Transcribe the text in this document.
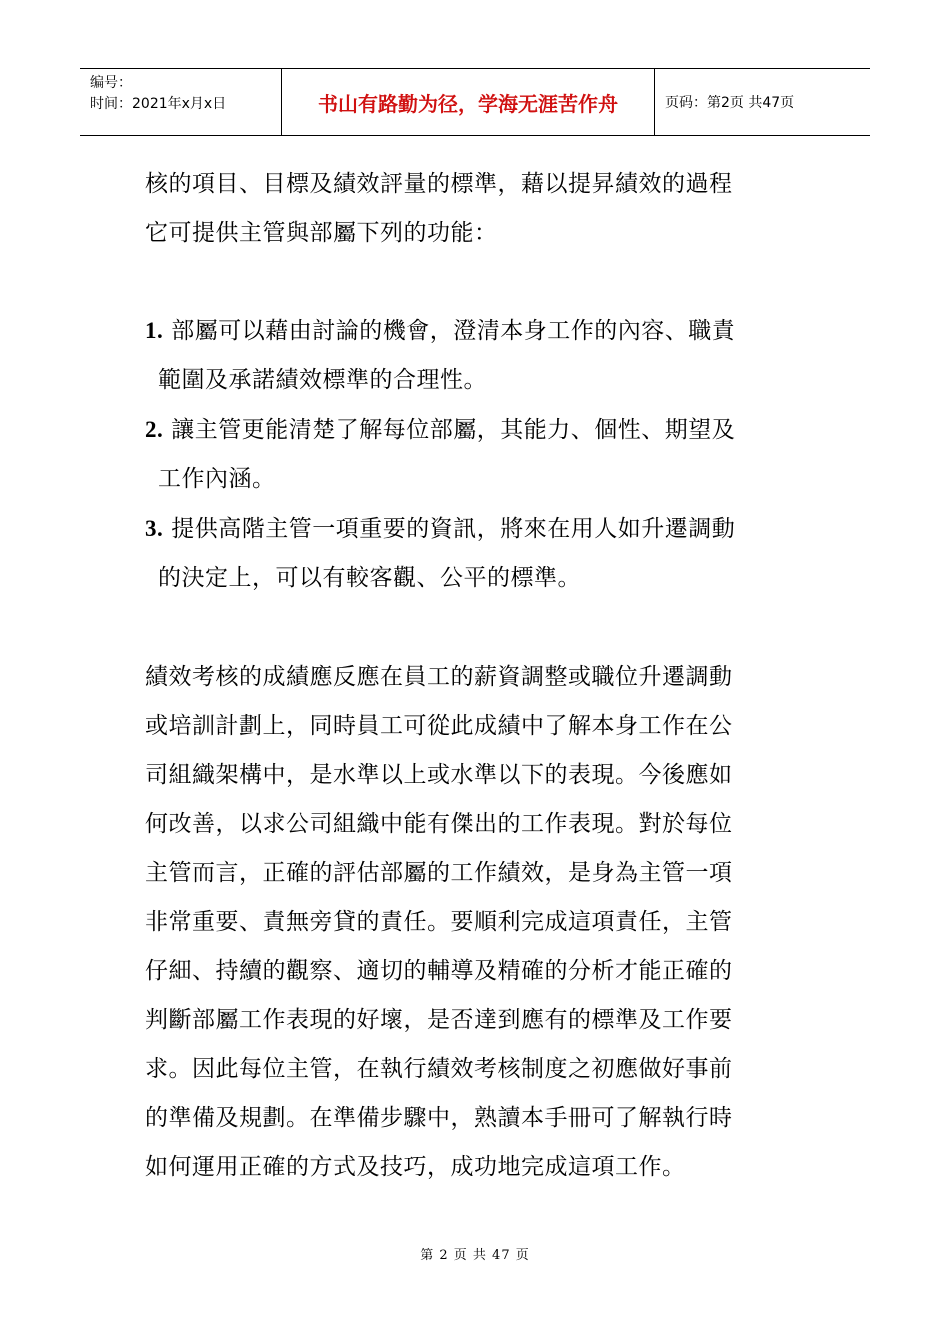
编号：
时间：2021年x月x日	书山有路勤为径，学海无涯苦作舟	页码：第2页 共47页

核的項目、目標及績效評量的標準，藉以提昇績效的過程

它可提供主管與部屬下列的功能：

1. 部屬可以藉由討論的機會，澄清本身工作的內容、職責
範圍及承諾績效標準的合理性。
2. 讓主管更能清楚了解每位部屬，其能力、個性、期望及
工作內涵。
3. 提供高階主管一項重要的資訊，將來在用人如升遷調動
的決定上，可以有較客觀、公平的標準。

績效考核的成績應反應在員工的薪資調整或職位升遷調動

或培訓計劃上，同時員工可從此成績中了解本身工作在公

司組織架構中，是水準以上或水準以下的表現。今後應如

何改善，以求公司組織中能有傑出的工作表現。對於每位

主管而言，正確的評估部屬的工作績效，是身為主管一項

非常重要、責無旁貸的責任。要順利完成這項責任，主管

仔細、持續的觀察、適切的輔導及精確的分析才能正確的

判斷部屬工作表現的好壞，是否達到應有的標準及工作要

求。因此每位主管，在執行績效考核制度之初應做好事前

的準備及規劃。在準備步驟中，熟讀本手冊可了解執行時

如何運用正確的方式及技巧，成功地完成這項工作。

第 2 页 共 47 页
